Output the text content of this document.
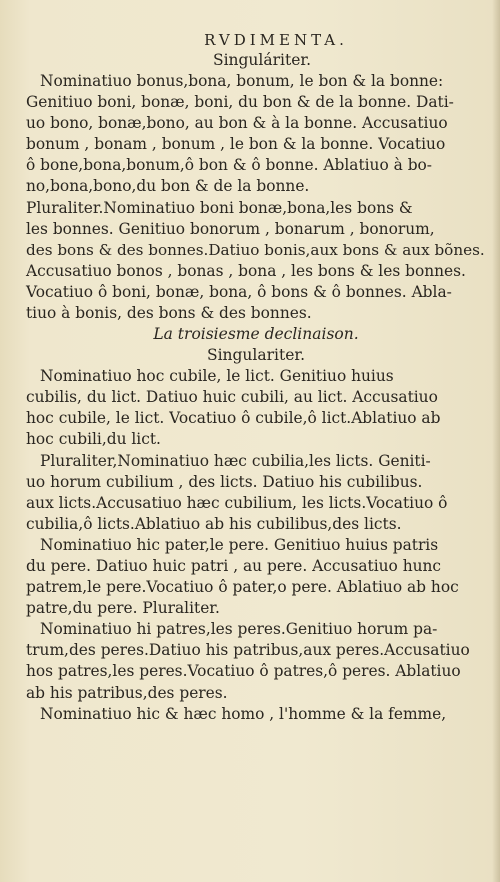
RVDIMENTA.
Singuláriter.
Nominatiuo bonus,bona, bonum, le bon & la bonne:
Genitiuo boni, bonæ, boni, du bon & de la bonne. Dati-
uo bono, bonæ,bono, au bon & à la bonne. Accusatiuo
bonum , bonam , bonum , le bon & la bonne. Vocatiuo
ô bone,bona,bonum,ô bon & ô bonne. Ablatiuo à bo-
no,bona,bono,du bon & de la bonne.
Pluraliter.Nominatiuo boni bonæ,bona,les bons &
les bonnes. Genitiuo bonorum , bonarum , bonorum,
des bons & des bonnes.Datiuo bonis,aux bons & aux bõnes.
Accusatiuo bonos , bonas , bona , les bons & les bonnes.
Vocatiuo ô boni, bonæ, bona, ô bons & ô bonnes. Abla-
tiuo à bonis, des bons & des bonnes.
La troisiesme declinaison.
Singulariter.
Nominatiuo hoc cubile, le lict. Genitiuo huius
cubilis, du lict. Datiuo huic cubili, au lict. Accusatiuo
hoc cubile, le lict. Vocatiuo ô cubile,ô lict.Ablatiuo ab
hoc cubili,du lict.
Pluraliter,Nominatiuo hæc cubilia,les licts. Geniti-
uo horum cubilium , des licts. Datiuo his cubilibus.
aux licts.Accusatiuo hæc cubilium, les licts.Vocatiuo ô
cubilia,ô licts.Ablatiuo ab his cubilibus,des licts.
Nominatiuo hic pater,le pere. Genitiuo huius patris
du pere. Datiuo huic patri , au pere. Accusatiuo hunc
patrem,le pere.Vocatiuo ô pater,o pere. Ablatiuo ab hoc
patre,du pere. Pluraliter.
Nominatiuo hi patres,les peres.Genitiuo horum pa-
trum,des peres.Datiuo his patribus,aux peres.Accusatiuo
hos patres,les peres.Vocatiuo ô patres,ô peres. Ablatiuo
ab his patribus,des peres.
Nominatiuo hic & hæc homo , l'homme & la femme,
